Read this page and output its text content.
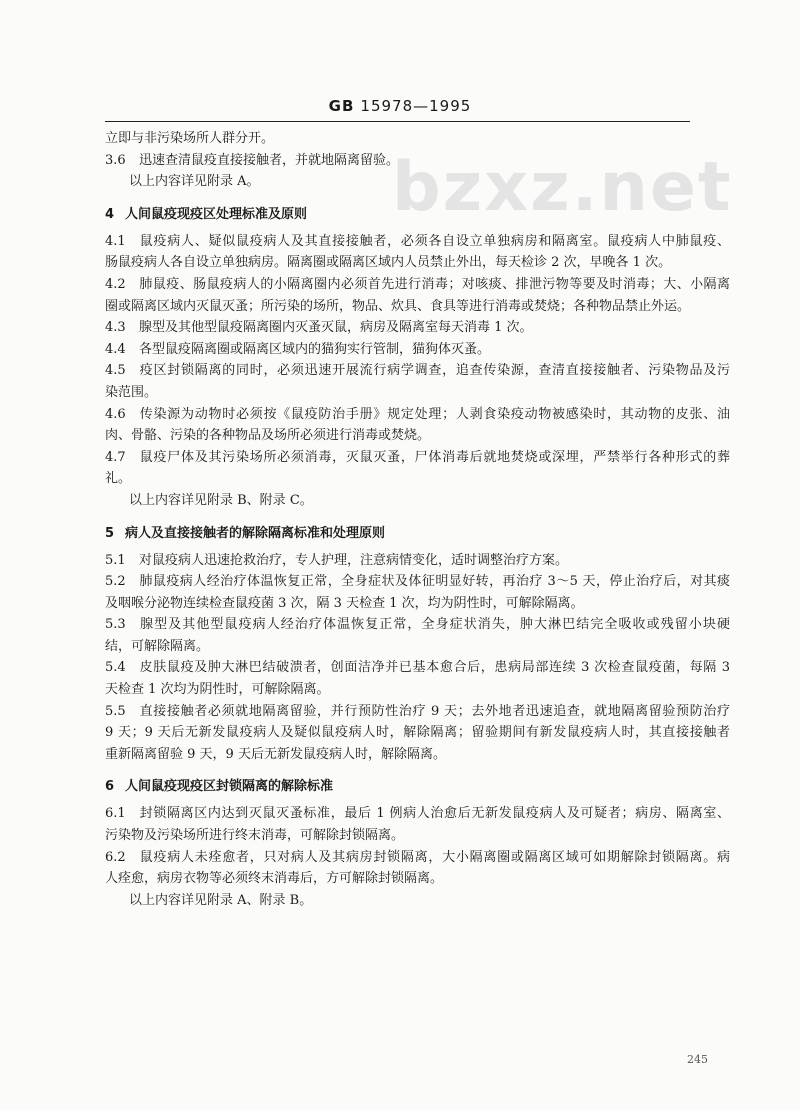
GB 15978—1995
bzxz.net
立即与非污染场所人群分开。
3.6 迅速查清鼠疫直接接触者，并就地隔离留验。
以上内容详见附录 A。
4 人间鼠疫现疫区处理标准及原则
4.1 鼠疫病人、疑似鼠疫病人及其直接接触者，必须各自设立单独病房和隔离室。鼠疫病人中肺鼠疫、
肠鼠疫病人各自设立单独病房。隔离圈或隔离区域内人员禁止外出，每天检诊 2 次，早晚各 1 次。
4.2 肺鼠疫、肠鼠疫病人的小隔离圈内必须首先进行消毒；对咳痰、排泄污物等要及时消毒；大、小隔离
圈或隔离区域内灭鼠灭蚤；所污染的场所，物品、炊具、食具等进行消毒或焚烧；各种物品禁止外运。
4.3 腺型及其他型鼠疫隔离圈内灭蚤灭鼠，病房及隔离室每天消毒 1 次。
4.4 各型鼠疫隔离圈或隔离区域内的猫狗实行管制，猫狗体灭蚤。
4.5 疫区封锁隔离的同时，必须迅速开展流行病学调查，追查传染源，查清直接接触者、污染物品及污
染范围。
4.6 传染源为动物时必须按《鼠疫防治手册》规定处理；人剥食染疫动物被感染时，其动物的皮张、油
肉、骨骼、污染的各种物品及场所必须进行消毒或焚烧。
4.7 鼠疫尸体及其污染场所必须消毒，灭鼠灭蚤，尸体消毒后就地焚烧或深埋，严禁举行各种形式的葬
礼。
以上内容详见附录 B、附录 C。
5 病人及直接接触者的解除隔离标准和处理原则
5.1 对鼠疫病人迅速抢救治疗，专人护理，注意病情变化，适时调整治疗方案。
5.2 肺鼠疫病人经治疗体温恢复正常，全身症状及体征明显好转，再治疗 3～5 天，停止治疗后，对其痰
及咽喉分泌物连续检查鼠疫菌 3 次，隔 3 天检查 1 次，均为阴性时，可解除隔离。
5.3 腺型及其他型鼠疫病人经治疗体温恢复正常，全身症状消失，肿大淋巴结完全吸收或残留小块硬
结，可解除隔离。
5.4 皮肤鼠疫及肿大淋巴结破溃者，创面洁净并已基本愈合后，患病局部连续 3 次检查鼠疫菌，每隔 3
天检查 1 次均为阴性时，可解除隔离。
5.5 直接接触者必须就地隔离留验，并行预防性治疗 9 天；去外地者迅速追查，就地隔离留验预防治疗
9 天；9 天后无新发鼠疫病人及疑似鼠疫病人时，解除隔离；留验期间有新发鼠疫病人时，其直接接触者
重新隔离留验 9 天，9 天后无新发鼠疫病人时，解除隔离。
6 人间鼠疫现疫区封锁隔离的解除标准
6.1 封锁隔离区内达到灭鼠灭蚤标准，最后 1 例病人治愈后无新发鼠疫病人及可疑者；病房、隔离室、
污染物及污染场所进行终末消毒，可解除封锁隔离。
6.2 鼠疫病人未痊愈者，只对病人及其病房封锁隔离，大小隔离圈或隔离区域可如期解除封锁隔离。病
人痊愈，病房衣物等必须终末消毒后，方可解除封锁隔离。
以上内容详见附录 A、附录 B。
245
